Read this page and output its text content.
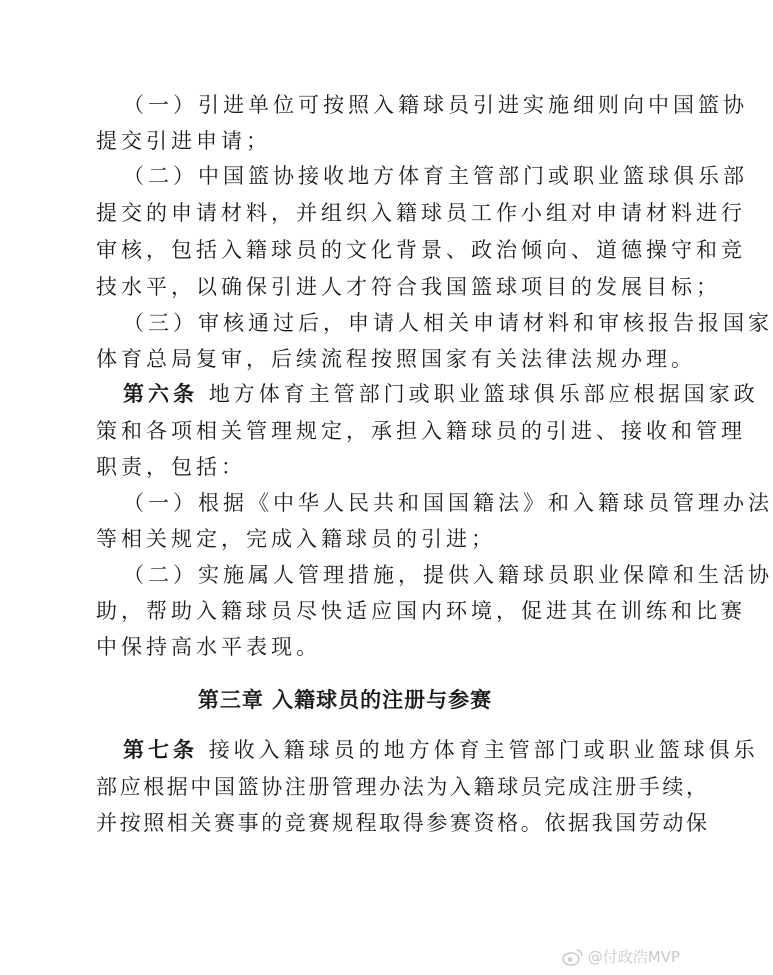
（一）引进单位可按照入籍球员引进实施细则向中国篮协
提交引进申请；
（二）中国篮协接收地方体育主管部门或职业篮球俱乐部
提交的申请材料，并组织入籍球员工作小组对申请材料进行
审核，包括入籍球员的文化背景、政治倾向、道德操守和竞
技水平，以确保引进人才符合我国篮球项目的发展目标；
（三）审核通过后，申请人相关申请材料和审核报告报国家
体育总局复审，后续流程按照国家有关法律法规办理。
第六条 地方体育主管部门或职业篮球俱乐部应根据国家政
策和各项相关管理规定，承担入籍球员的引进、接收和管理
职责，包括：
（一）根据《中华人民共和国国籍法》和入籍球员管理办法
等相关规定，完成入籍球员的引进；
（二）实施属人管理措施，提供入籍球员职业保障和生活协
助，帮助入籍球员尽快适应国内环境，促进其在训练和比赛
中保持高水平表现。
第三章 入籍球员的注册与参赛
第七条 接收入籍球员的地方体育主管部门或职业篮球俱乐
部应根据中国篮协注册管理办法为入籍球员完成注册手续，
并按照相关赛事的竞赛规程取得参赛资格。依据我国劳动保
@付政浩MVP
